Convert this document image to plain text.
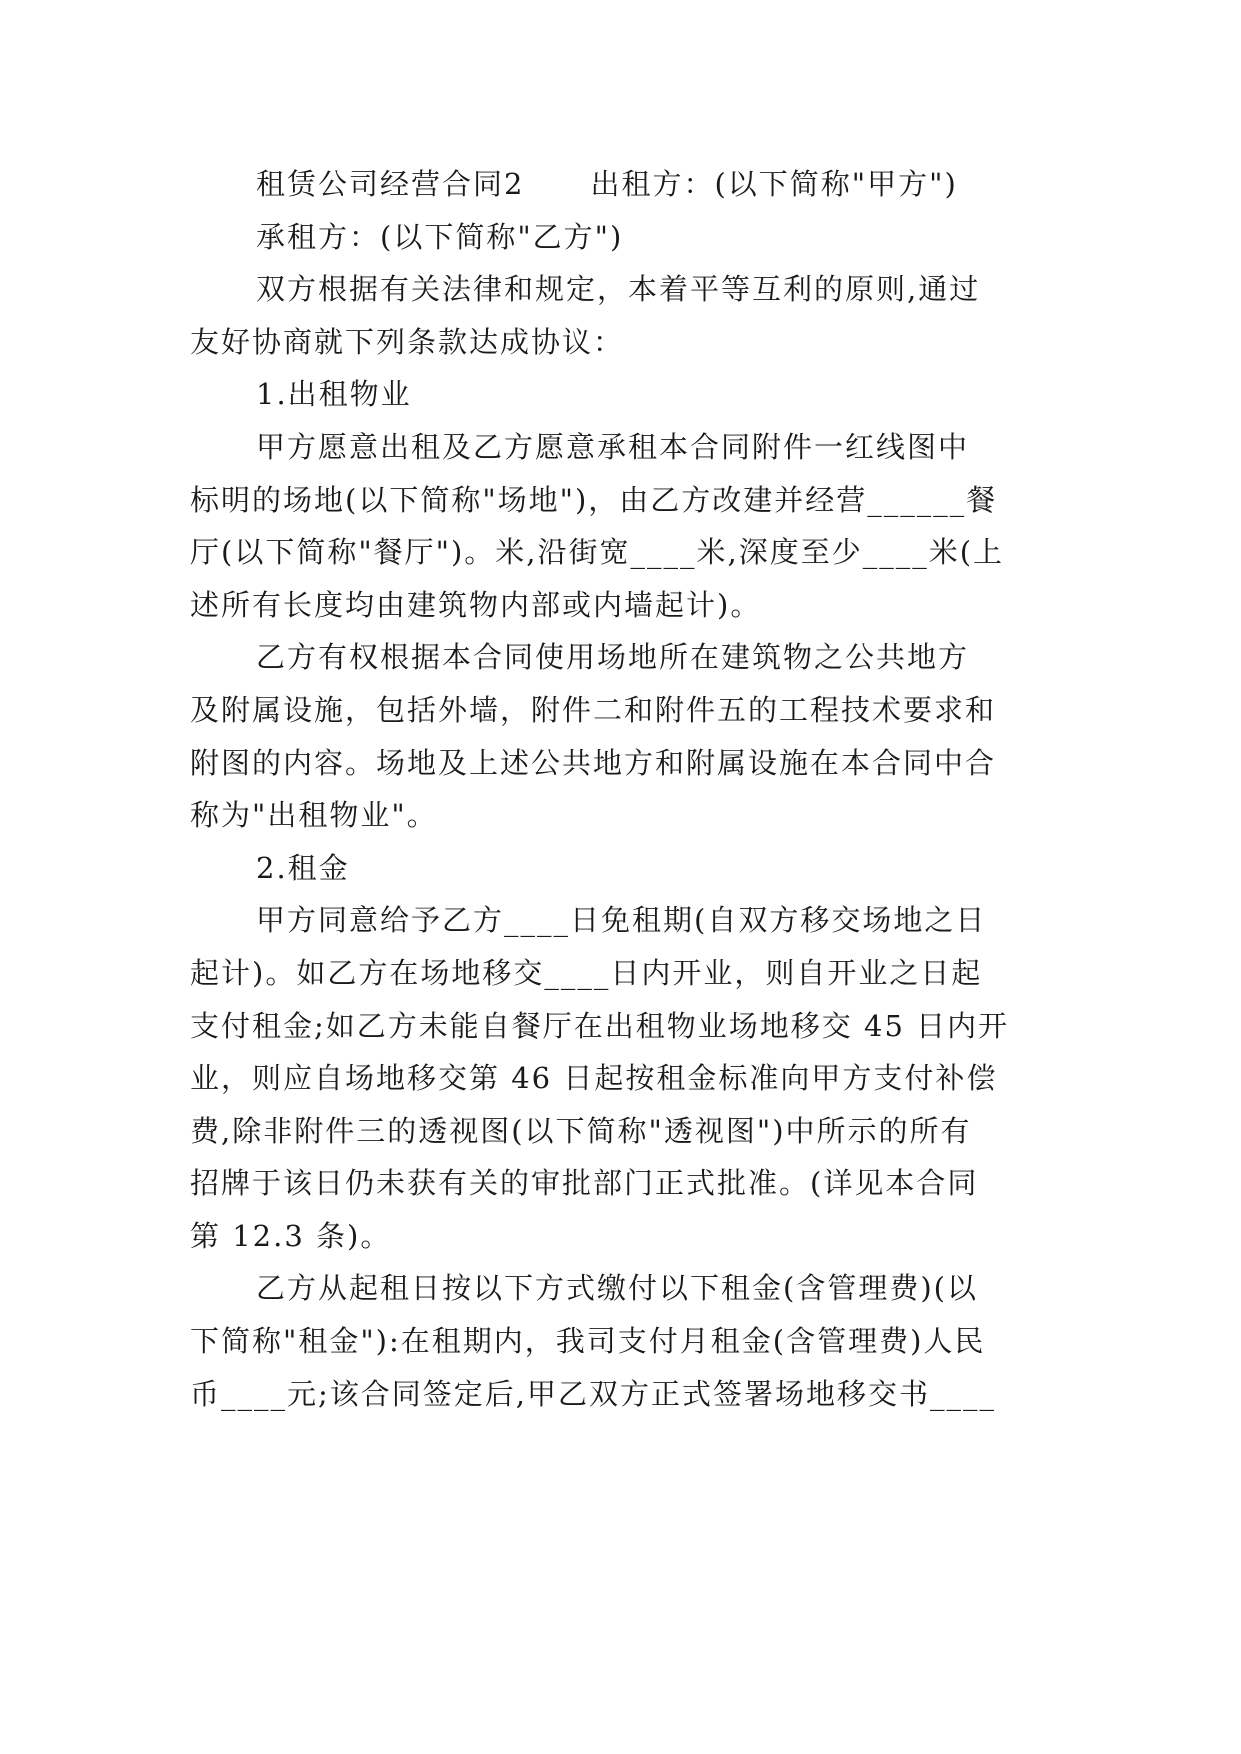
租赁公司经营合同2 出租方：(以下简称"甲方")
承租方：(以下简称"乙方")
双方根据有关法律和规定，本着平等互利的原则,通过
友好协商就下列条款达成协议：
1.出租物业
甲方愿意出租及乙方愿意承租本合同附件一红线图中
标明的场地(以下简称"场地")，由乙方改建并经营______餐
厅(以下简称"餐厅")。米,沿街宽____米,深度至少____米(上
述所有长度均由建筑物内部或内墙起计)。
乙方有权根据本合同使用场地所在建筑物之公共地方
及附属设施，包括外墙，附件二和附件五的工程技术要求和
附图的内容。场地及上述公共地方和附属设施在本合同中合
称为"出租物业"。
2.租金
甲方同意给予乙方____日免租期(自双方移交场地之日
起计)。如乙方在场地移交____日内开业，则自开业之日起
支付租金;如乙方未能自餐厅在出租物业场地移交 45 日内开
业，则应自场地移交第 46 日起按租金标准向甲方支付补偿
费,除非附件三的透视图(以下简称"透视图")中所示的所有
招牌于该日仍未获有关的审批部门正式批准。(详见本合同
第 12.3 条)。
乙方从起租日按以下方式缴付以下租金(含管理费)(以
下简称"租金"):在租期内，我司支付月租金(含管理费)人民
币____元;该合同签定后,甲乙双方正式签署场地移交书____
